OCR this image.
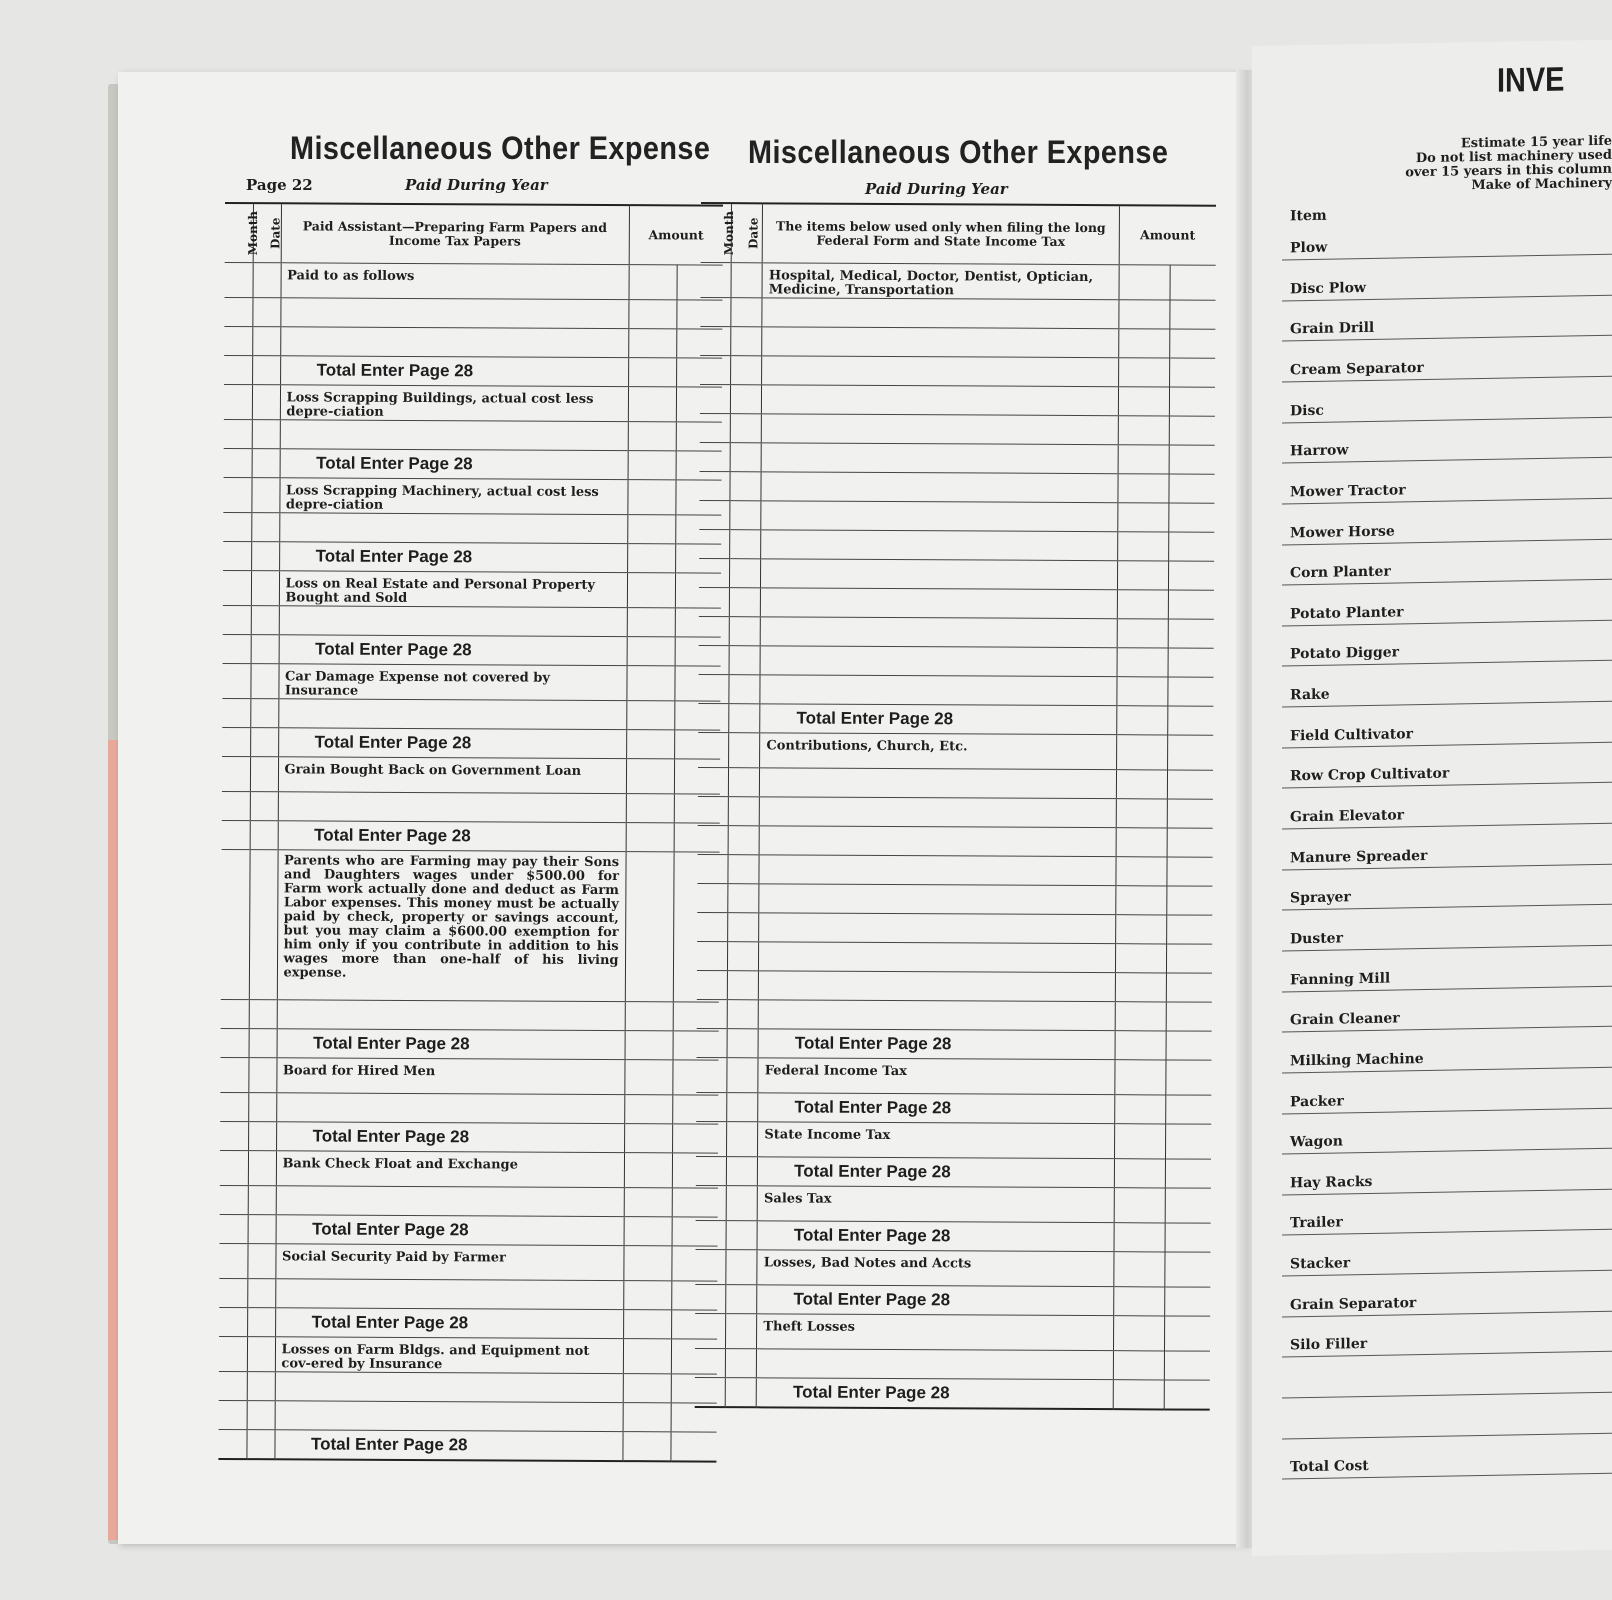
Miscellaneous Other Expense Miscellaneous Other Expense
Page 22	Paid During Year	Paid During Year
Month	Date	Paid Assistant—Preparing Farm Papers and Income Tax Papers	Amount	
		Paid to as follows		

		Total Enter Page 28		
		Loss Scrapping Buildings, actual cost less depre-ciation		

		Total Enter Page 28		
		Loss Scrapping Machinery, actual cost less depre-ciation		

		Total Enter Page 28		
		Loss on Real Estate and Personal Property Bought and Sold		

		Total Enter Page 28		
		Car Damage Expense not covered by Insurance		

		Total Enter Page 28		
		Grain Bought Back on Government Loan		

		Total Enter Page 28		
		Parents who are Farming may pay their Sons and Daughters wages under $500.00 for Farm work actually done and deduct as Farm Labor expenses. This money must be actually paid by check, property or savings account, but you may claim a $600.00 exemption for him only if you contribute in addition to his wages more than one-half of his living expense.		

		Total Enter Page 28		
		Board for Hired Men		

		Total Enter Page 28		
		Bank Check Float and Exchange		

		Total Enter Page 28		
		Social Security Paid by Farmer		

		Total Enter Page 28		
		Losses on Farm Bldgs. and Equipment not cov-ered by Insurance		

		Total Enter Page 28		
Month	Date	The items below used only when filing the long Federal Form and State Income Tax	Amount	
		Hospital, Medical, Doctor, Dentist, Optician, Medicine, Transportation		

		Total Enter Page 28		
		Contributions, Church, Etc.		

		Total Enter Page 28		
		Federal Income Tax		
		Total Enter Page 28		
		State Income Tax		
		Total Enter Page 28		
		Sales Tax		
		Total Enter Page 28		
		Losses, Bad Notes and Accts		
		Total Enter Page 28		
		Theft Losses		

		Total Enter Page 28		
INVE
Estimate 15 year life
Do not list machinery used
over 15 years in this column
Make of Machinery
Item
Plow
Disc Plow
Grain Drill
Cream Separator
Disc
Harrow
Mower Tractor
Mower Horse
Corn Planter
Potato Planter
Potato Digger
Rake
Field Cultivator
Row Crop Cultivator
Grain Elevator
Manure Spreader
Sprayer
Duster
Fanning Mill
Grain Cleaner
Milking Machine
Packer
Wagon
Hay Racks
Trailer
Stacker
Grain Separator
Silo Filler
Total Cost
